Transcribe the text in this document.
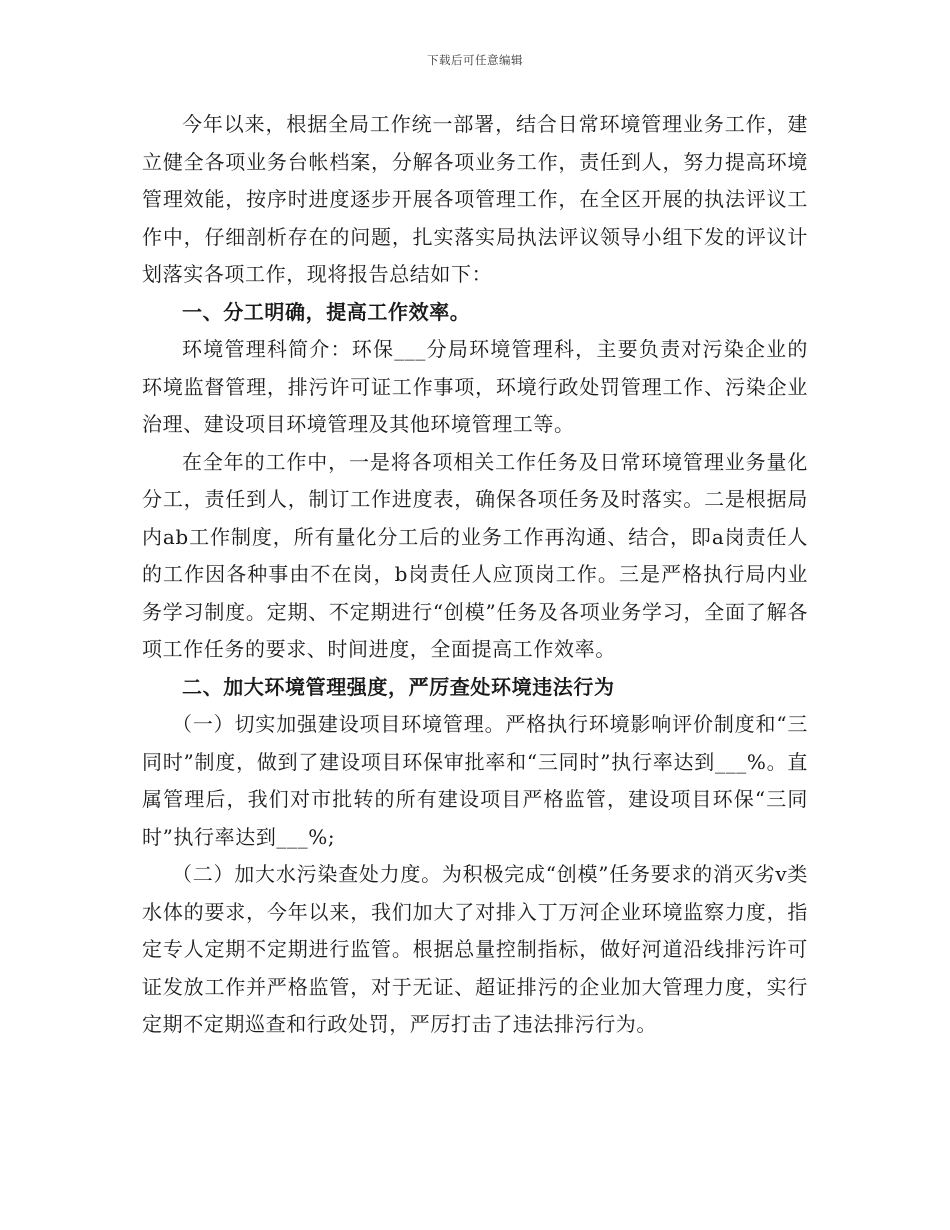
下载后可任意编辑

今年以来，根据全局工作统一部署，结合日常环境管理业务工作，建立健全各项业务台帐档案，分解各项业务工作，责任到人，努力提高环境管理效能，按序时进度逐步开展各项管理工作，在全区开展的执法评议工作中，仔细剖析存在的问题，扎实落实局执法评议领导小组下发的评议计划落实各项工作，现将报告总结如下：

一、分工明确，提高工作效率。

环境管理科简介：环保___分局环境管理科，主要负责对污染企业的环境监督管理，排污许可证工作事项，环境行政处罚管理工作、污染企业治理、建设项目环境管理及其他环境管理工等。

在全年的工作中，一是将各项相关工作任务及日常环境管理业务量化分工，责任到人，制订工作进度表，确保各项任务及时落实。二是根据局内ab工作制度，所有量化分工后的业务工作再沟通、结合，即a岗责任人的工作因各种事由不在岗，b岗责任人应顶岗工作。三是严格执行局内业务学习制度。定期、不定期进行“创模”任务及各项业务学习，全面了解各项工作任务的要求、时间进度，全面提高工作效率。

二、加大环境管理强度，严厉查处环境违法行为

（一）切实加强建设项目环境管理。严格执行环境影响评价制度和“三同时”制度，做到了建设项目环保审批率和“三同时”执行率达到___%。直属管理后，我们对市批转的所有建设项目严格监管，建设项目环保“三同时”执行率达到___%;

（二）加大水污染查处力度。为积极完成“创模”任务要求的消灭劣v类水体的要求，今年以来，我们加大了对排入丁万河企业环境监察力度，指定专人定期不定期进行监管。根据总量控制指标，做好河道沿线排污许可证发放工作并严格监管，对于无证、超证排污的企业加大管理力度，实行定期不定期巡查和行政处罚，严厉打击了违法排污行为。
